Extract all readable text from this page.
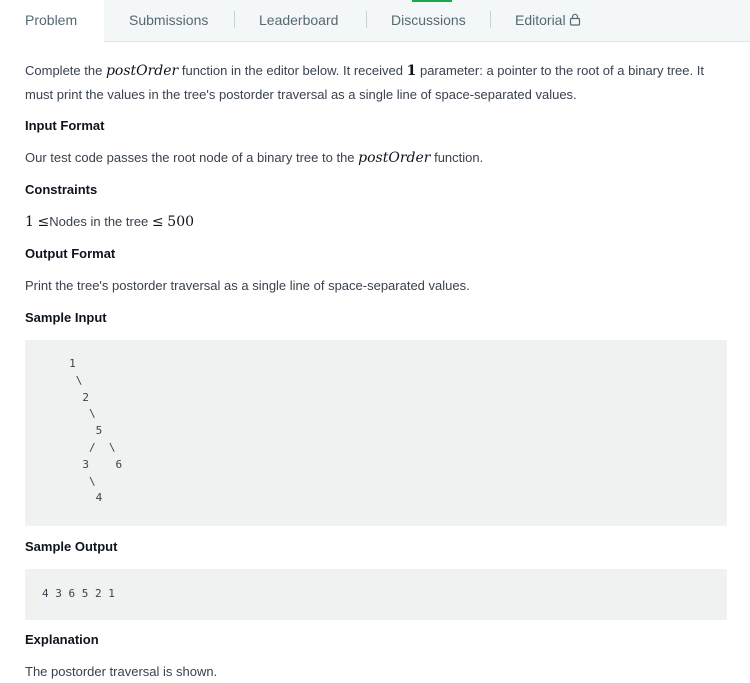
Problem	Submissions	Leaderboard	Discussions	Editorial
Complete the postOrder function in the editor below. It received 1 parameter: a pointer to the root of a binary tree. It must print the values in the tree's postorder traversal as a single line of space-separated values.
Input Format
Our test code passes the root node of a binary tree to the postOrder function.
Constraints
1 ≤Nodes in the tree ≤ 500
Output Format
Print the tree's postorder traversal as a single line of space-separated values.
Sample Input
1
\
2
\
5
/  \
3    6
\
4
Sample Output
4 3 6 5 2 1
Explanation
The postorder traversal is shown.
